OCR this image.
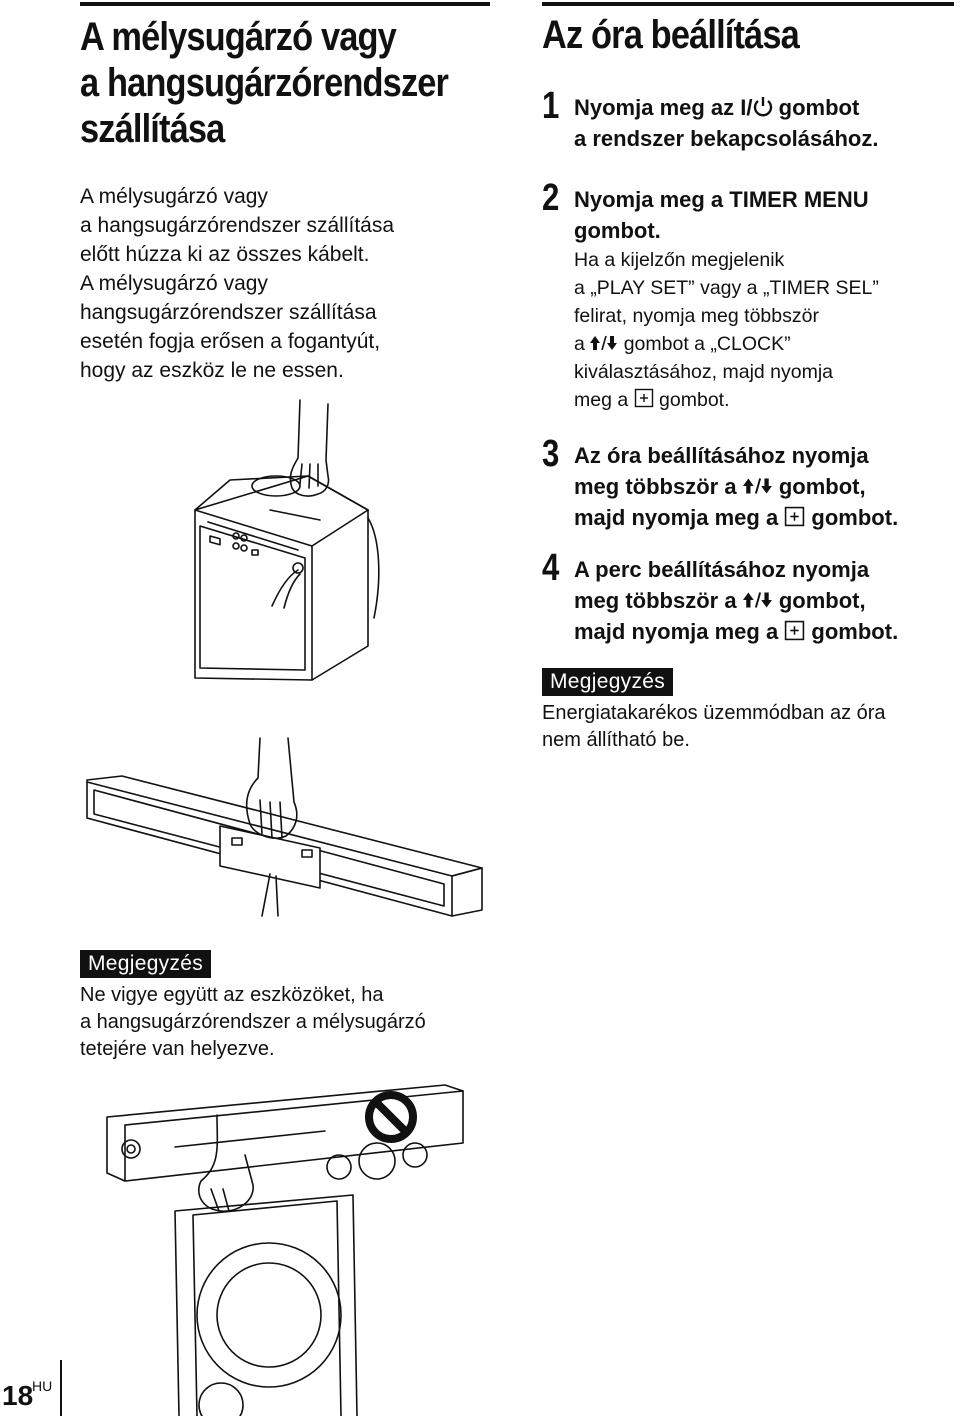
A mélysugárzó vagy
a hangsugárzórendszer
szállítása
A mélysugárzó vagy
a hangsugárzórendszer szállítása
előtt húzza ki az összes kábelt.
A mélysugárzó vagy
hangsugárzórendszer szállítása
esetén fogja erősen a fogantyút,
hogy az eszköz le ne essen.
Az óra beállítása
1 Nyomja meg az I/ gombot
a rendszer bekapcsolásához.
2 Nyomja meg a TIMER MENU
gombot.
Ha a kijelzőn megjelenik
a „PLAY SET” vagy a „TIMER SEL”
felirat, nyomja meg többször
a  gombot a „CLOCK”
kiválasztásához, majd nyomja
meg a  gombot.
3 Az óra beállításához nyomja
meg többször a  gombot,
majd nyomja meg a  gombot.
4 A perc beállításához nyomja
meg többször a  gombot,
majd nyomja meg a  gombot.
Megjegyzés
Energiatakarékos üzemmódban az óra
nem állítható be.
Megjegyzés
Ne vigye együtt az eszközöket, ha
a hangsugárzórendszer a mélysugárzó
tetejére van helyezve.
18
HU
